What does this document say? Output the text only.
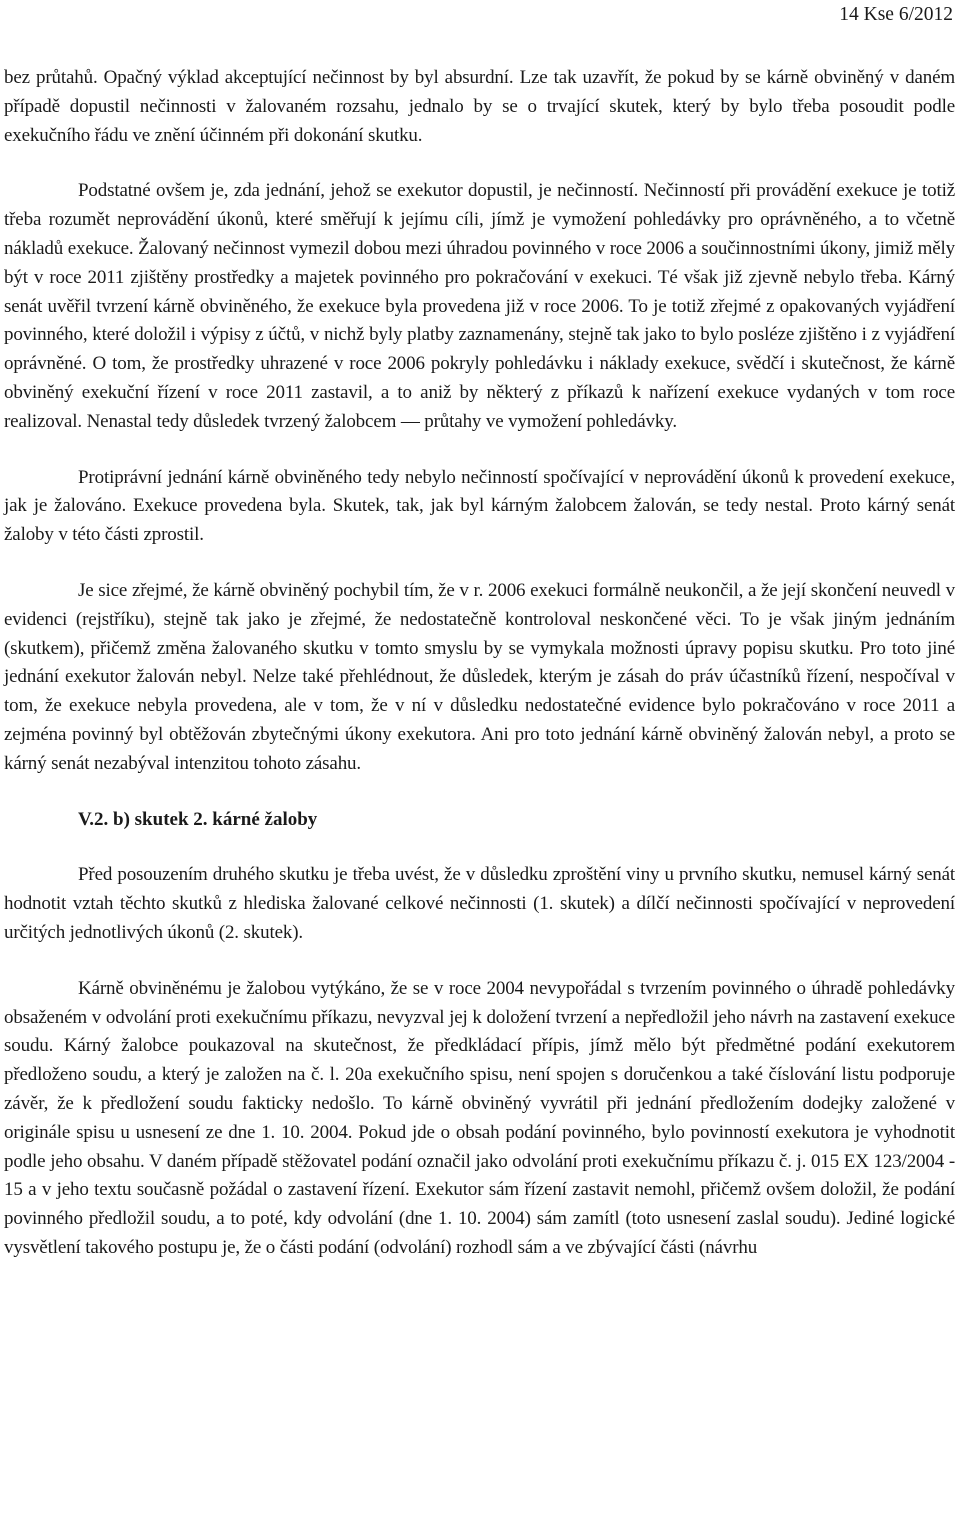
14 Kse 6/2012

bez průtahů. Opačný výklad akceptující nečinnost by byl absurdní. Lze tak uzavřít, že pokud by se kárně obviněný v daném případě dopustil nečinnosti v žalovaném rozsahu, jednalo by se o trvající skutek, který by bylo třeba posoudit podle exekučního řádu ve znění účinném při dokonání skutku.

Podstatné ovšem je, zda jednání, jehož se exekutor dopustil, je nečinností. Nečinností při provádění exekuce je totiž třeba rozumět neprovádění úkonů, které směřují k jejímu cíli, jímž je vymožení pohledávky pro oprávněného, a to včetně nákladů exekuce. Žalovaný nečinnost vymezil dobou mezi úhradou povinného v roce 2006 a součinnostními úkony, jimiž měly být v roce 2011 zjištěny prostředky a majetek povinného pro pokračování v exekuci. Té však již zjevně nebylo třeba. Kárný senát uvěřil tvrzení kárně obviněného, že exekuce byla provedena již v roce 2006. To je totiž zřejmé z opakovaných vyjádření povinného, které doložil i výpisy z účtů, v nichž byly platby zaznamenány, stejně tak jako to bylo posléze zjištěno i z vyjádření oprávněné. O tom, že prostředky uhrazené v roce 2006 pokryly pohledávku i náklady exekuce, svědčí i skutečnost, že kárně obviněný exekuční řízení v roce 2011 zastavil, a to aniž by některý z příkazů k nařízení exekuce vydaných v tom roce realizoval. Nenastal tedy důsledek tvrzený žalobcem — průtahy ve vymožení pohledávky.

Protiprávní jednání kárně obviněného tedy nebylo nečinností spočívající v neprovádění úkonů k provedení exekuce, jak je žalováno. Exekuce provedena byla. Skutek, tak, jak byl kárným žalobcem žalován, se tedy nestal. Proto kárný senát žaloby v této části zprostil.

Je sice zřejmé, že kárně obviněný pochybil tím, že v r. 2006 exekuci formálně neukončil, a že její skončení neuvedl v evidenci (rejstříku), stejně tak jako je zřejmé, že nedostatečně kontroloval neskončené věci. To je však jiným jednáním (skutkem), přičemž změna žalovaného skutku v tomto smyslu by se vymykala možnosti úpravy popisu skutku. Pro toto jiné jednání exekutor žalován nebyl. Nelze také přehlédnout, že důsledek, kterým je zásah do práv účastníků řízení, nespočíval v tom, že exekuce nebyla provedena, ale v tom, že v ní v důsledku nedostatečné evidence bylo pokračováno v roce 2011 a zejména povinný byl obtěžován zbytečnými úkony exekutora. Ani pro toto jednání kárně obviněný žalován nebyl, a proto se kárný senát nezabýval intenzitou tohoto zásahu.

V.2. b) skutek 2. kárné žaloby

Před posouzením druhého skutku je třeba uvést, že v důsledku zproštění viny u prvního skutku, nemusel kárný senát hodnotit vztah těchto skutků z hlediska žalované celkové nečinnosti (1. skutek) a dílčí nečinnosti spočívající v neprovedení určitých jednotlivých úkonů (2. skutek).

Kárně obviněnému je žalobou vytýkáno, že se v roce 2004 nevypořádal s tvrzením povinného o úhradě pohledávky obsaženém v odvolání proti exekučnímu příkazu, nevyzval jej k doložení tvrzení a nepředložil jeho návrh na zastavení exekuce soudu. Kárný žalobce poukazoval na skutečnost, že předkládací přípis, jímž mělo být předmětné podání exekutorem předloženo soudu, a který je založen na č. l. 20a exekučního spisu, není spojen s doručenkou a také číslování listu podporuje závěr, že k předložení soudu fakticky nedošlo. To kárně obviněný vyvrátil při jednání předložením dodejky založené v originále spisu u usnesení ze dne 1. 10. 2004. Pokud jde o obsah podání povinného, bylo povinností exekutora je vyhodnotit podle jeho obsahu. V daném případě stěžovatel podání označil jako odvolání proti exekučnímu příkazu č. j. 015 EX 123/2004 - 15 a v jeho textu současně požádal o zastavení řízení. Exekutor sám řízení zastavit nemohl, přičemž ovšem doložil, že podání povinného předložil soudu, a to poté, kdy odvolání (dne 1. 10. 2004) sám zamítl (toto usnesení zaslal soudu). Jediné logické vysvětlení takového postupu je, že o části podání (odvolání) rozhodl sám a ve zbývající části (návrhu
